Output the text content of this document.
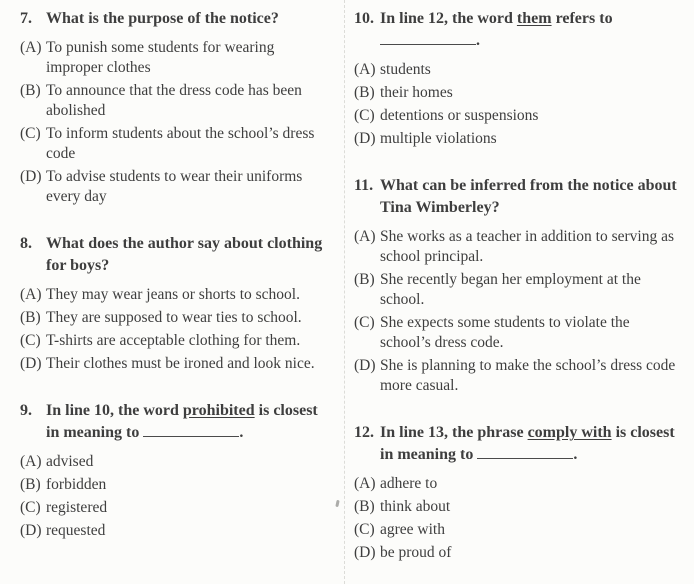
7. What is the purpose of the notice?
(A) To punish some students for wearing improper clothes
(B) To announce that the dress code has been abolished
(C) To inform students about the school’s dress code
(D) To advise students to wear their uniforms every day
8. What does the author say about clothing for boys?
(A) They may wear jeans or shorts to school.
(B) They are supposed to wear ties to school.
(C) T-shirts are acceptable clothing for them.
(D) Their clothes must be ironed and look nice.
9. In line 10, the word prohibited is closest in meaning to	.
(A) advised
(B) forbidden
(C) registered
(D) requested
10. In line 12, the word them refers to .
(A) students
(B) their homes
(C) detentions or suspensions
(D) multiple violations
11. What can be inferred from the notice about Tina Wimberley?
(A) She works as a teacher in addition to serving as school principal.
(B) She recently began her employment at the school.
(C) She expects some students to violate the school’s dress code.
(D) She is planning to make the school’s dress code more casual.
12. In line 13, the phrase comply with is closest in meaning to	.
(A) adhere to
(B) think about
(C) agree with
(D) be proud of
